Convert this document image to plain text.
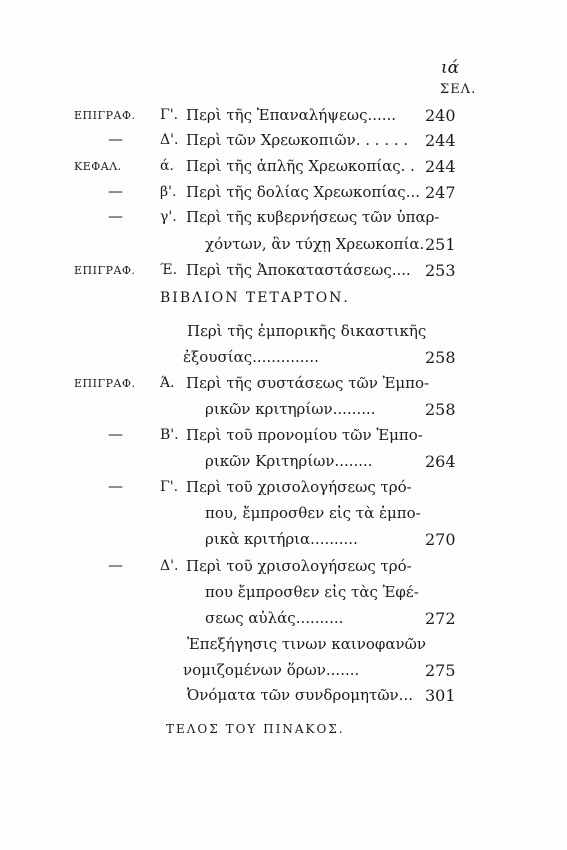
ιά
ΣΕΛ.
ΕΠΙΓΡΑΦ. Γ'. Περὶ τῆς Ἐπαναλήψεως...... 240
—	Δ'. Περὶ τῶν Χρεωκοπιῶν. . . . . . 244
ΚΕΦΑΛ.	ά. Περὶ τῆς ἁπλῆς Χρεωκοπίας. . 244
—	β'. Περὶ τῆς δολίας Χρεωκοπίας... 247
—	γ'. Περὶ τῆς κυβερνήσεως τῶν ὑπαρ-
χόντων, ἂν τύχῃ Χρεωκοπία. 251
ΕΠΙΓΡΑΦ. Έ. Περὶ τῆς Ἀποκαταστάσεως.... 253
Περὶ τῆς ἐμπορικῆς δικαστικῆς
ἐξουσίας..............	258
ΕΠΙΓΡΑΦ. Ά. Περὶ τῆς συστάσεως τῶν Ἐμπο-
ρικῶν κριτηρίων.........	258
—	Β'. Περὶ τοῦ προνομίου τῶν Ἐμπο-
ρικῶν Κριτηρίων........	264
—	Γ'. Περὶ τοῦ χρισολογήσεως τρό-
που, ἔμπροσθεν εἰς τὰ ἐμπο-
ρικὰ κριτήρια..........	270
—	Δ'. Περὶ τοῦ χρισολογήσεως τρό-
που ἔμπροσθεν εἰς τὰς Ἐφέ-
σεως αὐλάς..........	272
Ἐπεξήγησις τινων καινοφανῶν
νομιζομένων ὅρων.......	275
Ὀνόματα τῶν συνδρομητῶν... 301
ΒΙΒΛΙΟΝ ΤΕΤΑΡΤΟΝ.
ΤΕΛΟΣ ΤΟΥ ΠΙΝΑΚΟΣ.
